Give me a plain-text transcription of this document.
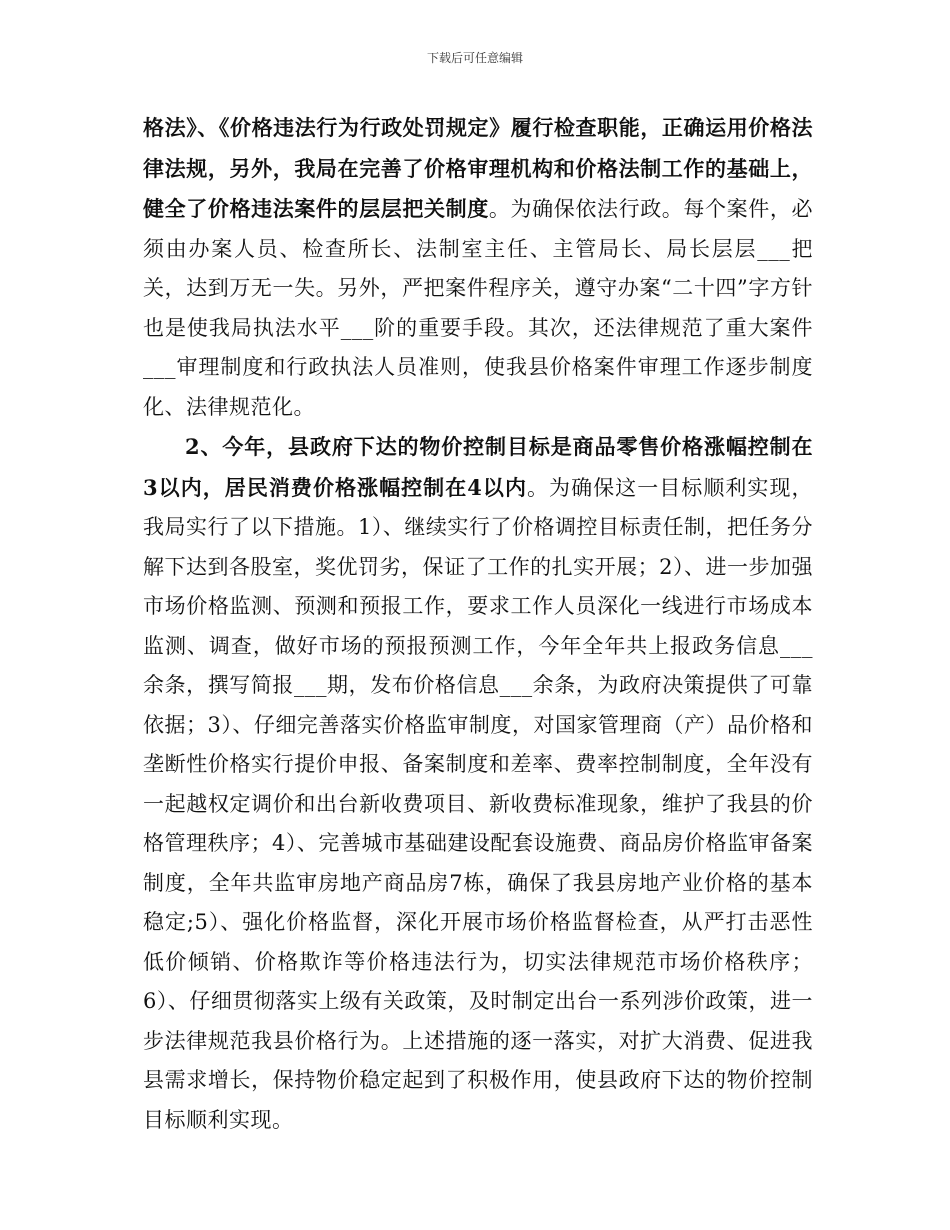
下载后可任意编辑

格法》、《价格违法行为行政处罚规定》履行检查职能，正确运用价格法律法规，另外，我局在完善了价格审理机构和价格法制工作的基础上，健全了价格违法案件的层层把关制度。为确保依法行政。每个案件，必须由办案人员、检查所长、法制室主任、主管局长、局长层层___把关，达到万无一失。另外，严把案件程序关，遵守办案“二十四”字方针也是使我局执法水平___阶的重要手段。其次，还法律规范了重大案件___审理制度和行政执法人员准则，使我县价格案件审理工作逐步制度化、法律规范化。

2、今年，县政府下达的物价控制目标是商品零售价格涨幅控制在3以内，居民消费价格涨幅控制在4以内。为确保这一目标顺利实现，我局实行了以下措施。1）、继续实行了价格调控目标责任制，把任务分解下达到各股室，奖优罚劣，保证了工作的扎实开展；2）、进一步加强市场价格监测、预测和预报工作，要求工作人员深化一线进行市场成本监测、调查，做好市场的预报预测工作，今年全年共上报政务信息___余条，撰写简报___期，发布价格信息___余条，为政府决策提供了可靠依据；3）、仔细完善落实价格监审制度，对国家管理商（产）品价格和垄断性价格实行提价申报、备案制度和差率、费率控制制度，全年没有一起越权定调价和出台新收费项目、新收费标准现象，维护了我县的价格管理秩序；4）、完善城市基础建设配套设施费、商品房价格监审备案制度，全年共监审房地产商品房7栋，确保了我县房地产业价格的基本稳定;5）、强化价格监督，深化开展市场价格监督检查，从严打击恶性低价倾销、价格欺诈等价格违法行为，切实法律规范市场价格秩序；6）、仔细贯彻落实上级有关政策，及时制定出台一系列涉价政策，进一步法律规范我县价格行为。上述措施的逐一落实，对扩大消费、促进我县需求增长，保持物价稳定起到了积极作用，使县政府下达的物价控制目标顺利实现。
